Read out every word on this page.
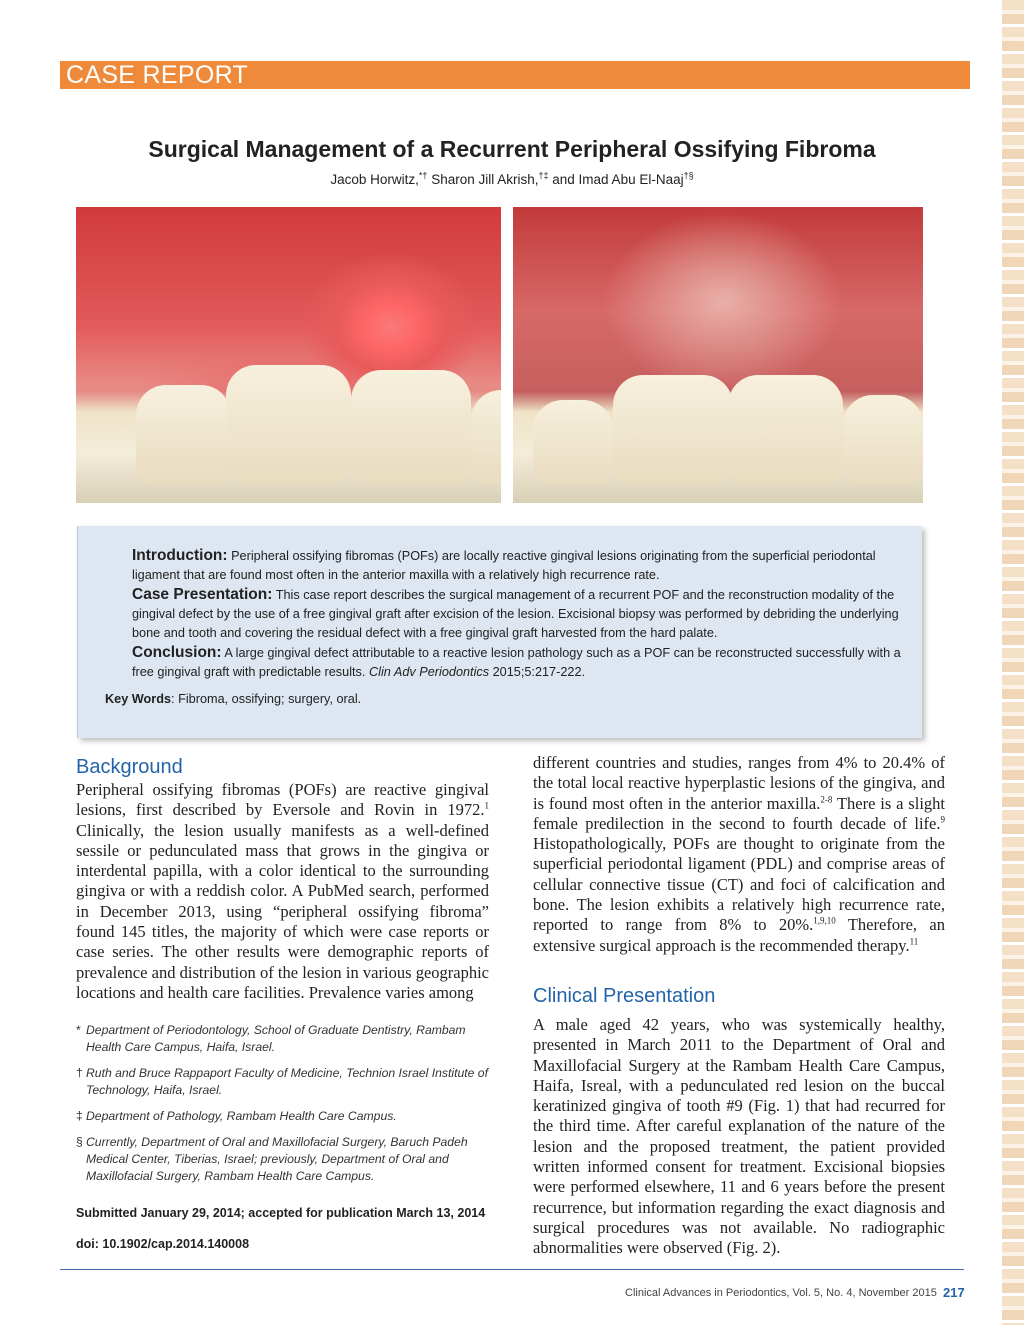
CASE REPORT
Surgical Management of a Recurrent Peripheral Ossifying Fibroma
Jacob Horwitz,*† Sharon Jill Akrish,†‡ and Imad Abu El-Naaj†§

Introduction: Peripheral ossifying fibromas (POFs) are locally reactive gingival lesions originating from the superficial periodontal ligament that are found most often in the anterior maxilla with a relatively high recurrence rate.

Case Presentation: This case report describes the surgical management of a recurrent POF and the reconstruction modality of the gingival defect by the use of a free gingival graft after excision of the lesion. Excisional biopsy was performed by debriding the underlying bone and tooth and covering the residual defect with a free gingival graft harvested from the hard palate.

Conclusion: A large gingival defect attributable to a reactive lesion pathology such as a POF can be reconstructed successfully with a free gingival graft with predictable results. Clin Adv Periodontics 2015;5:217-222.

Key Words: Fibroma, ossifying; surgery, oral.

Background

Peripheral ossifying fibromas (POFs) are reactive gingival lesions, first described by Eversole and Rovin in 1972.$^1$ Clinically, the lesion usually manifests as a well-defined sessile or pedunculated mass that grows in the gingiva or interdental papilla, with a color identical to the surrounding gingiva or with a reddish color. A PubMed search, performed in December 2013, using “peripheral ossifying fibroma” found 145 titles, the majority of which were case reports or case series. The other results were demographic reports of prevalence and distribution of the lesion in various geographic locations and health care facilities. Prevalence varies among

different countries and studies, ranges from 4% to 20.4% of the total local reactive hyperplastic lesions of the gingiva, and is found most often in the anterior maxilla.$^{2-8}$ There is a slight female predilection in the second to fourth decade of life.$^9$ Histopathologically, POFs are thought to originate from the superficial periodontal ligament (PDL) and comprise areas of cellular connective tissue (CT) and foci of calcification and bone. The lesion exhibits a relatively high recurrence rate, reported to range from 8% to 20%.$^{1,9,10}$ Therefore, an extensive surgical approach is the recommended therapy.$^{11}$

Clinical Presentation

A male aged 42 years, who was systemically healthy, presented in March 2011 to the Department of Oral and Maxillofacial Surgery at the Rambam Health Care Campus, Haifa, Isreal, with a pedunculated red lesion on the buccal keratinized gingiva of tooth #9 (Fig. 1) that had recurred for the third time. After careful explanation of the nature of the lesion and the proposed treatment, the patient provided written informed consent for treatment. Excisional biopsies were performed elsewhere, 11 and 6 years before the present recurrence, but information regarding the exact diagnosis and surgical procedures was not available. No radiographic abnormalities were observed (Fig. 2).

* Department of Periodontology, School of Graduate Dentistry, Rambam Health Care Campus, Haifa, Israel.
† Ruth and Bruce Rappaport Faculty of Medicine, Technion Israel Institute of Technology, Haifa, Israel.
‡ Department of Pathology, Rambam Health Care Campus.
§ Currently, Department of Oral and Maxillofacial Surgery, Baruch Padeh Medical Center, Tiberias, Israel; previously, Department of Oral and Maxillofacial Surgery, Rambam Health Care Campus.
Submitted January 29, 2014; accepted for publication March 13, 2014
doi: 10.1902/cap.2014.140008
Clinical Advances in Periodontics, Vol. 5, No. 4, November 2015 217
